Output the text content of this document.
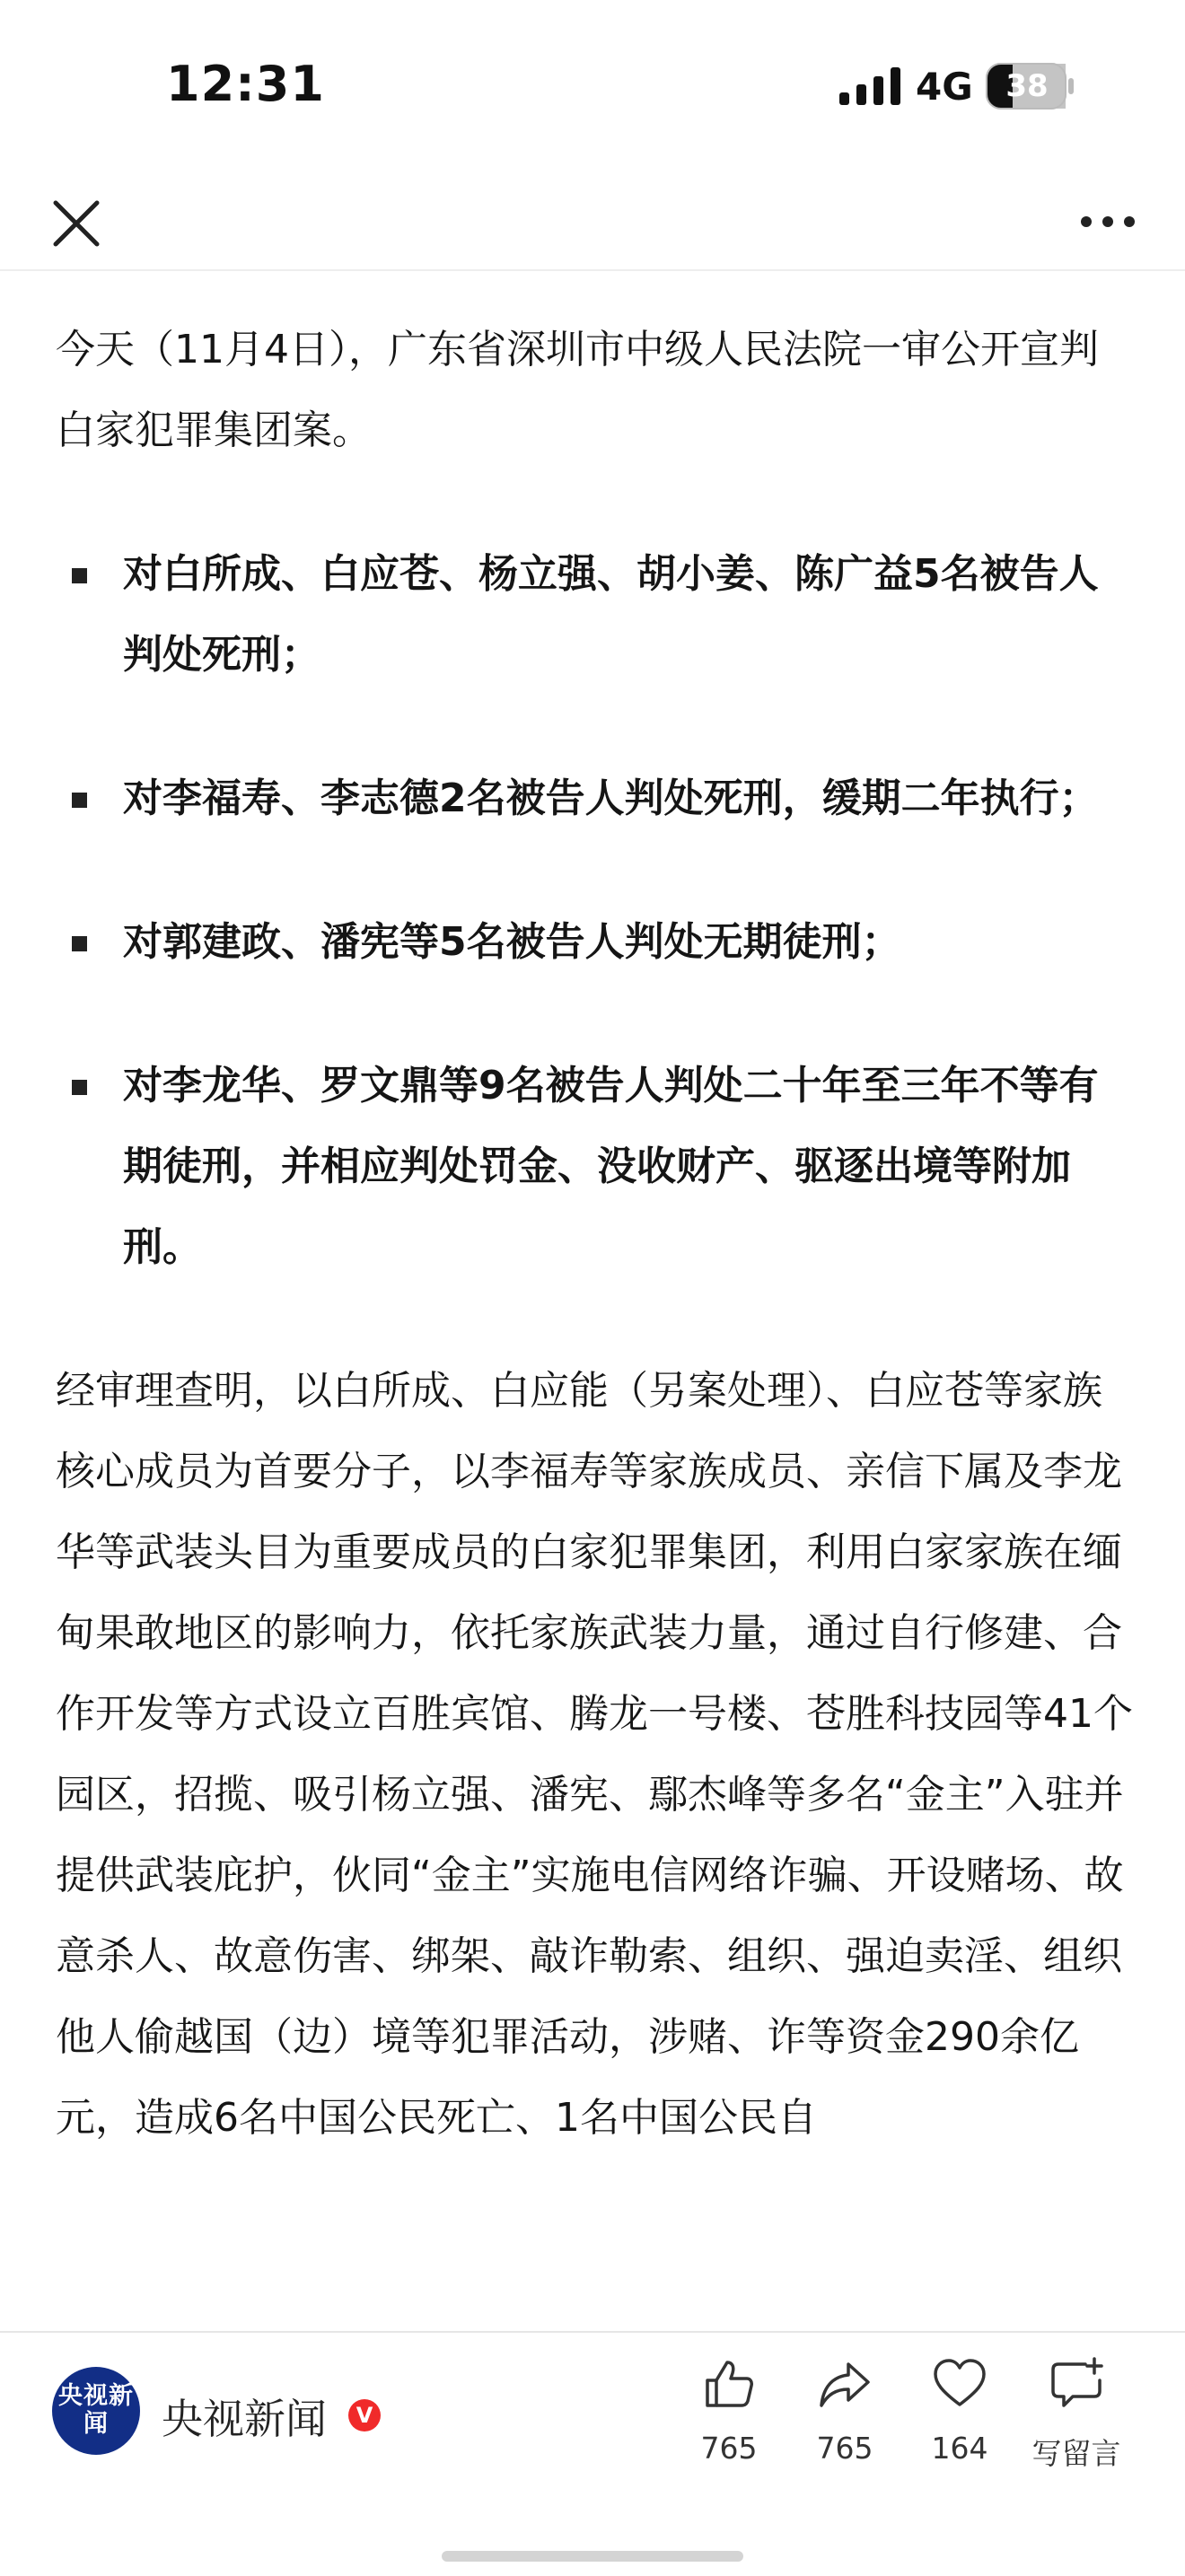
12:31	4G	38

今天（11月4日），广东省深圳市中级人民法院一审公开宣判白家犯罪集团案。

对白所成、白应苍、杨立强、胡小姜、陈广益5名被告人判处死刑；
对李福寿、李志德2名被告人判处死刑，缓期二年执行；
对郭建政、潘宪等5名被告人判处无期徒刑；
对李龙华、罗文鼎等9名被告人判处二十年至三年不等有期徒刑，并相应判处罚金、没收财产、驱逐出境等附加刑。

经审理查明，以白所成、白应能（另案处理）、白应苍等家族核心成员为首要分子，以李福寿等家族成员、亲信下属及李龙华等武装头目为重要成员的白家犯罪集团，利用白家家族在缅甸果敢地区的影响力，依托家族武装力量，通过自行修建、合作开发等方式设立百胜宾馆、腾龙一号楼、苍胜科技园等41个园区，招揽、吸引杨立强、潘宪、鄢杰峰等多名“金主”入驻并提供武装庇护，伙同“金主”实施电信网络诈骗、开设赌场、故意杀人、故意伤害、绑架、敲诈勒索、组织、强迫卖淫、组织他人偷越国（边）境等犯罪活动，涉赌、诈等资金290余亿元，造成6名中国公民死亡、1名中国公民自

央视新闻	央视新闻	V
765	765	164	写留言
